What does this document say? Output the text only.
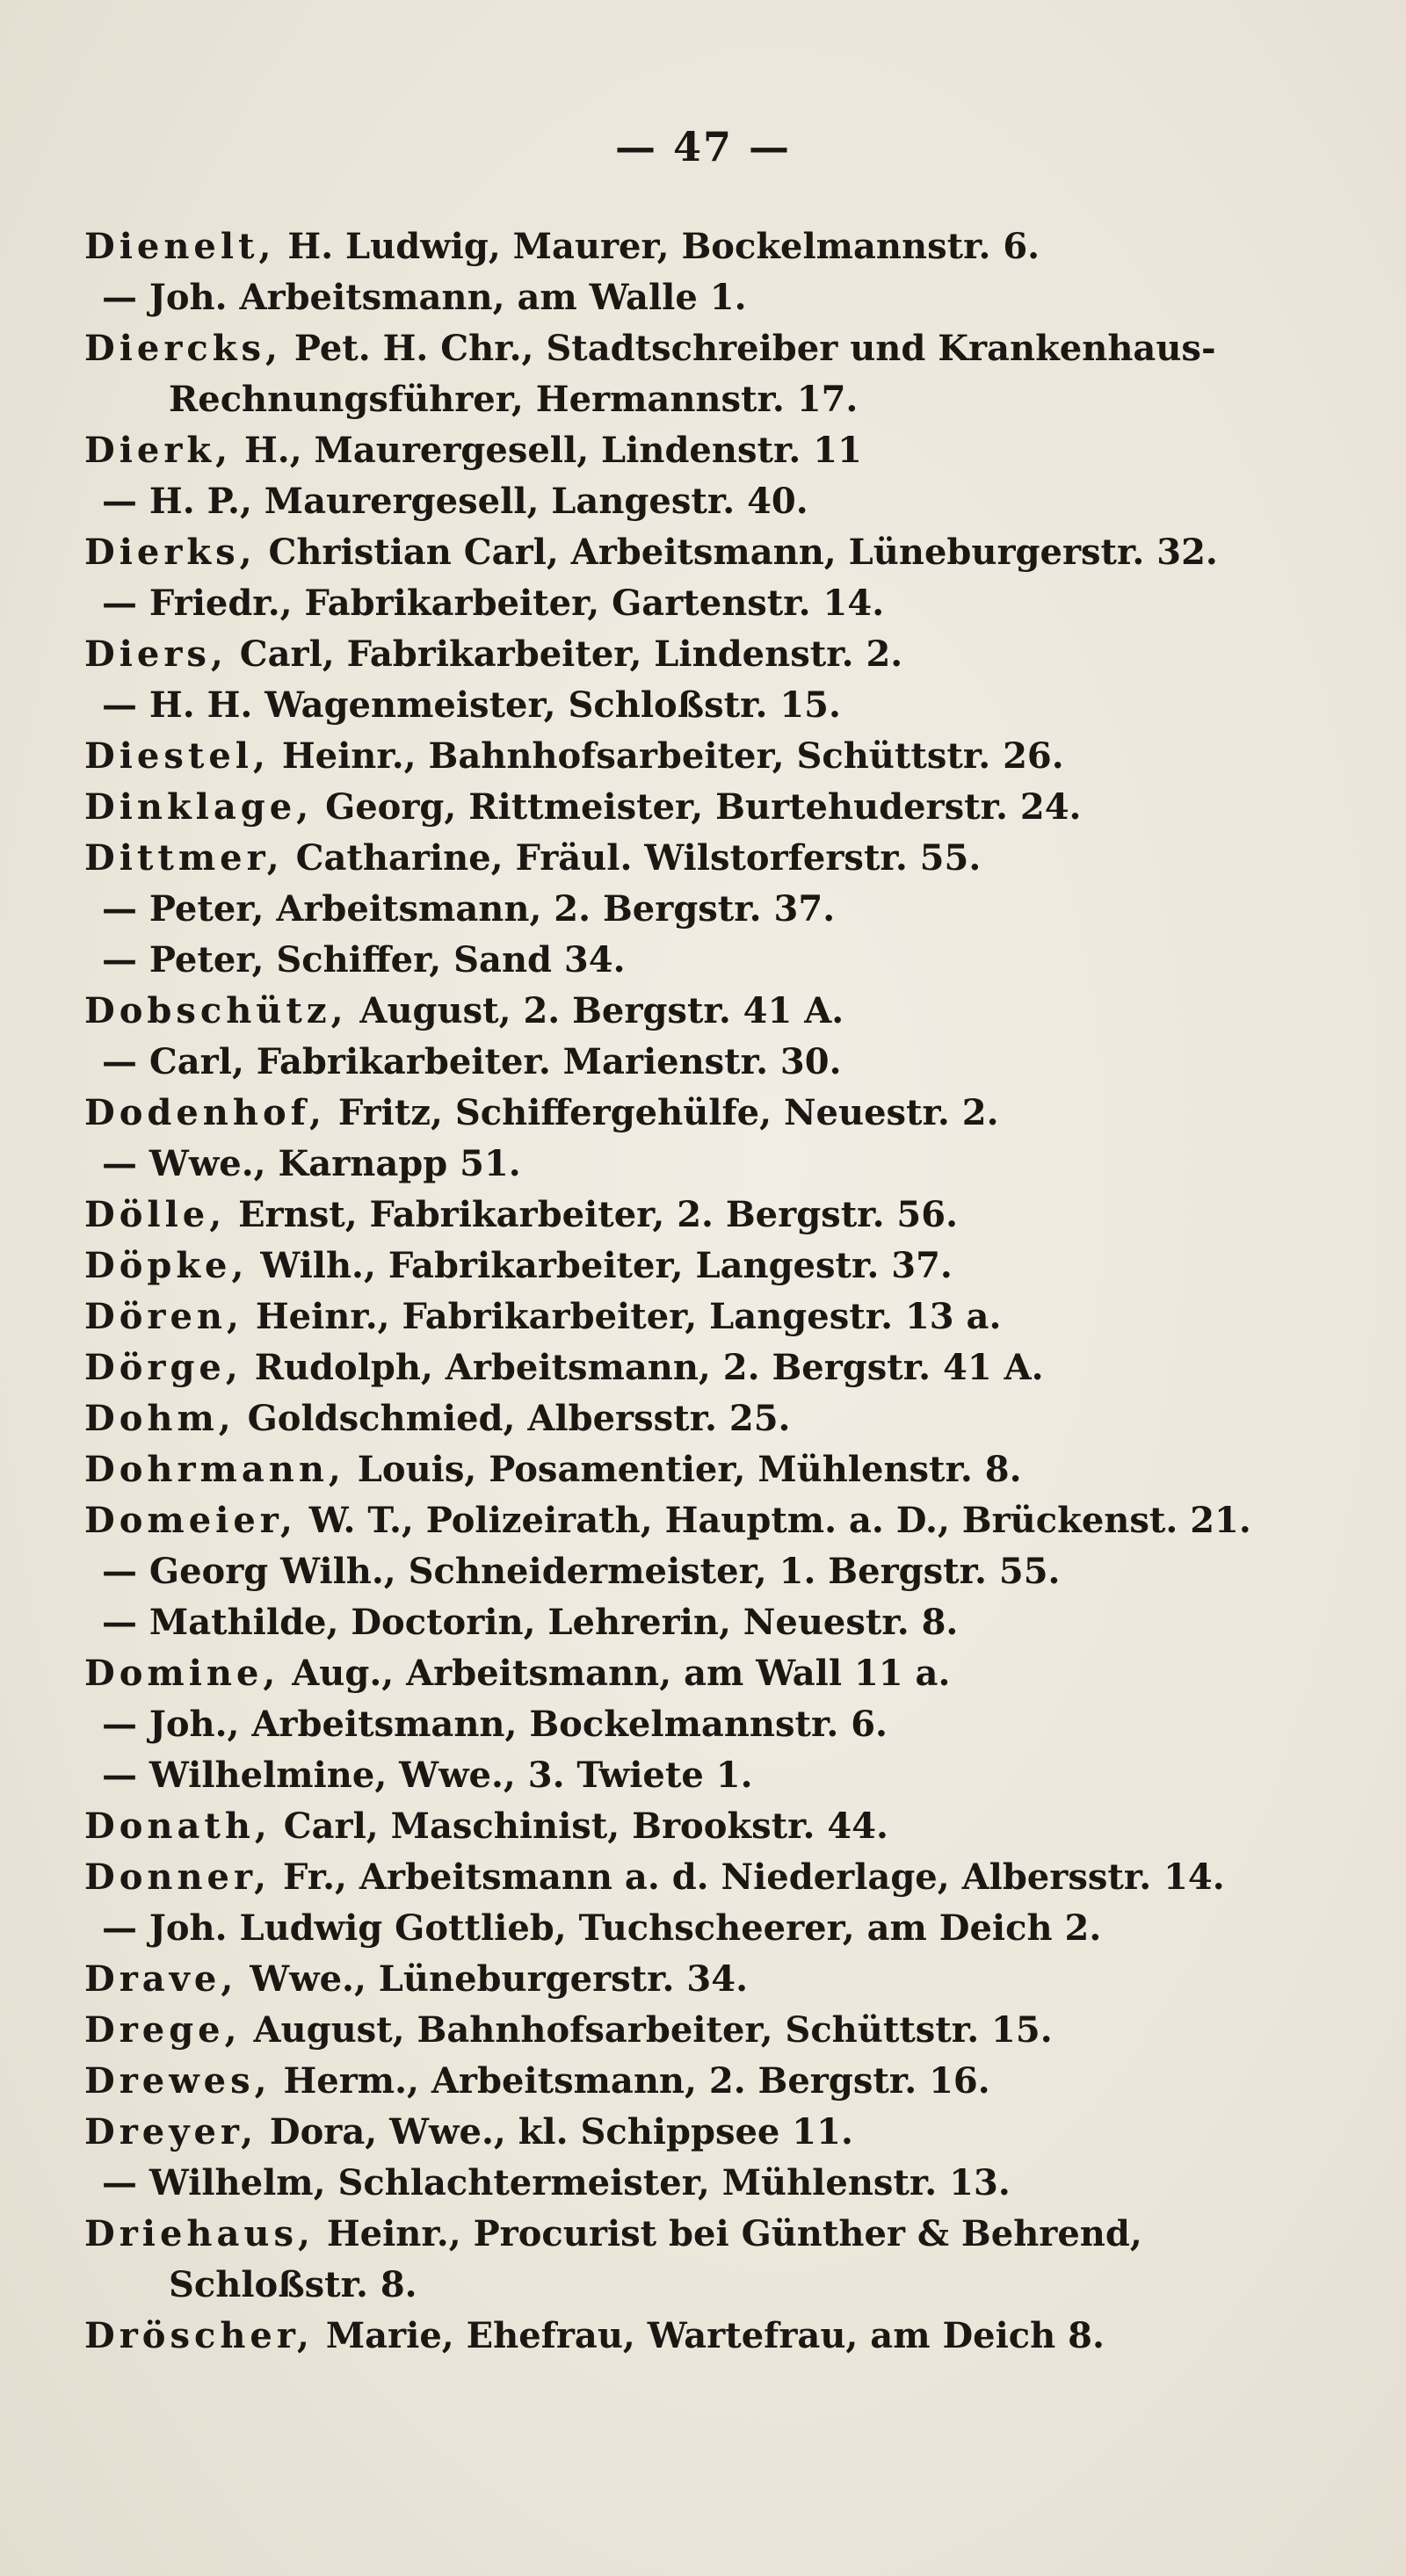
— 47 —
Dienelt, H. Ludwig, Maurer, Bockelmannstr. 6.
— Joh. Arbeitsmann, am Walle 1.
Diercks, Pet. H. Chr., Stadtschreiber und Krankenhaus-
Rechnungsführer, Hermannstr. 17.
Dierk, H., Maurergesell, Lindenstr. 11
— H. P., Maurergesell, Langestr. 40.
Dierks, Christian Carl, Arbeitsmann, Lüneburgerstr. 32.
— Friedr., Fabrikarbeiter, Gartenstr. 14.
Diers, Carl, Fabrikarbeiter, Lindenstr. 2.
— H. H. Wagenmeister, Schloßstr. 15.
Diestel, Heinr., Bahnhofsarbeiter, Schüttstr. 26.
Dinklage, Georg, Rittmeister, Burtehuderstr. 24.
Dittmer, Catharine, Fräul. Wilstorferstr. 55.
— Peter, Arbeitsmann, 2. Bergstr. 37.
— Peter, Schiffer, Sand 34.
Dobschütz, August, 2. Bergstr. 41 A.
— Carl, Fabrikarbeiter. Marienstr. 30.
Dodenhof, Fritz, Schiffergehülfe, Neuestr. 2.
— Wwe., Karnapp 51.
Dölle, Ernst, Fabrikarbeiter, 2. Bergstr. 56.
Döpke, Wilh., Fabrikarbeiter, Langestr. 37.
Dören, Heinr., Fabrikarbeiter, Langestr. 13 a.
Dörge, Rudolph, Arbeitsmann, 2. Bergstr. 41 A.
Dohm, Goldschmied, Albersstr. 25.
Dohrmann, Louis, Posamentier, Mühlenstr. 8.
Domeier, W. T., Polizeirath, Hauptm. a. D., Brückenst. 21.
— Georg Wilh., Schneidermeister, 1. Bergstr. 55.
— Mathilde, Doctorin, Lehrerin, Neuestr. 8.
Domine, Aug., Arbeitsmann, am Wall 11 a.
— Joh., Arbeitsmann, Bockelmannstr. 6.
— Wilhelmine, Wwe., 3. Twiete 1.
Donath, Carl, Maschinist, Brookstr. 44.
Donner, Fr., Arbeitsmann a. d. Niederlage, Albersstr. 14.
— Joh. Ludwig Gottlieb, Tuchscheerer, am Deich 2.
Drave, Wwe., Lüneburgerstr. 34.
Drege, August, Bahnhofsarbeiter, Schüttstr. 15.
Drewes, Herm., Arbeitsmann, 2. Bergstr. 16.
Dreyer, Dora, Wwe., kl. Schippsee 11.
— Wilhelm, Schlachtermeister, Mühlenstr. 13.
Driehaus, Heinr., Procurist bei Günther & Behrend,
Schloßstr. 8.
Dröscher, Marie, Ehefrau, Wartefrau, am Deich 8.
